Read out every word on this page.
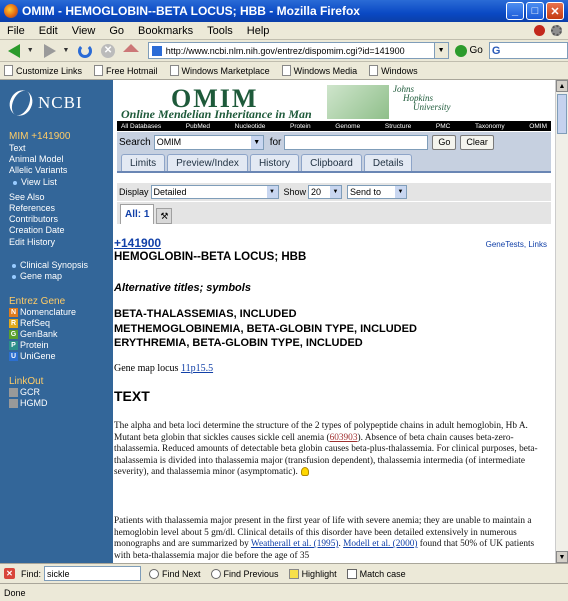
OMIM - HEMOGLOBIN--BETA LOCUS; HBB - Mozilla Firefox	_	□	✕
File	Edit	View	Go	Bookmarks	Tools	Help
▼	▼	✕
http://www.ncbi.nlm.nih.gov/entrez/dispomim.cgi?id=141900	▼	Go G
Customize Links	Free Hotmail	Windows Marketplace	Windows Media	Windows
NCBI
MIM +141900
Text
Animal Model
Allelic Variants
View List
See Also
References
Contributors
Creation Date
Edit History
Clinical Synopsis
Gene map
Entrez Gene
N Nomenclature
R RefSeq
G GenBank
P Protein
U UniGene
LinkOut
GCR
HGMD
OMIM
Online Mendelian Inheritance in Man
Johns
Hopkins
University
All Databases	PubMed	Nucleotide	Protein	Genome	Structure	PMC	Taxonomy	OMIM
Search OMIM	▼ for	Go	Clear
Limits	Preview/Index	History	Clipboard	Details
Display Detailed	▼ Show 20	▼ Send to	▼
All: 1	⚒
+141900	GeneTests, Links
HEMOGLOBIN--BETA LOCUS; HBB
Alternative titles; symbols
BETA-THALASSEMIAS, INCLUDED
METHEMOGLOBINEMIA, BETA-GLOBIN TYPE, INCLUDED
ERYTHREMIA, BETA-GLOBIN TYPE, INCLUDED
Gene map locus 11p15.5
TEXT
The alpha and beta loci determine the structure of the 2 types of polypeptide chains in adult hemoglobin, Hb A. Mutant beta globin that sickles causes sickle cell anemia (603903). Absence of beta chain causes beta-zero-thalassemia. Reduced amounts of detectable beta globin causes beta-plus-thalassemia. For clinical purposes, beta-thalassemia is divided into thalassemia major (transfusion dependent), thalassemia intermedia (of intermediate severity), and thalassemia minor (asymptomatic).
Patients with thalassemia major present in the first year of life with severe anemia; they are unable to maintain a hemoglobin level about 5 gm/dl. Clinical details of this disorder have been detailed extensively in numerous monographs and are summarized by Weatherall et al. (1995). Modell et al. (2000) found that 50% of UK patients with beta-thalassemia major die before the age of 35
▲
▼
✕ Find:
sickle	Find Next	Find Previous	Highlight	Match case
Done
